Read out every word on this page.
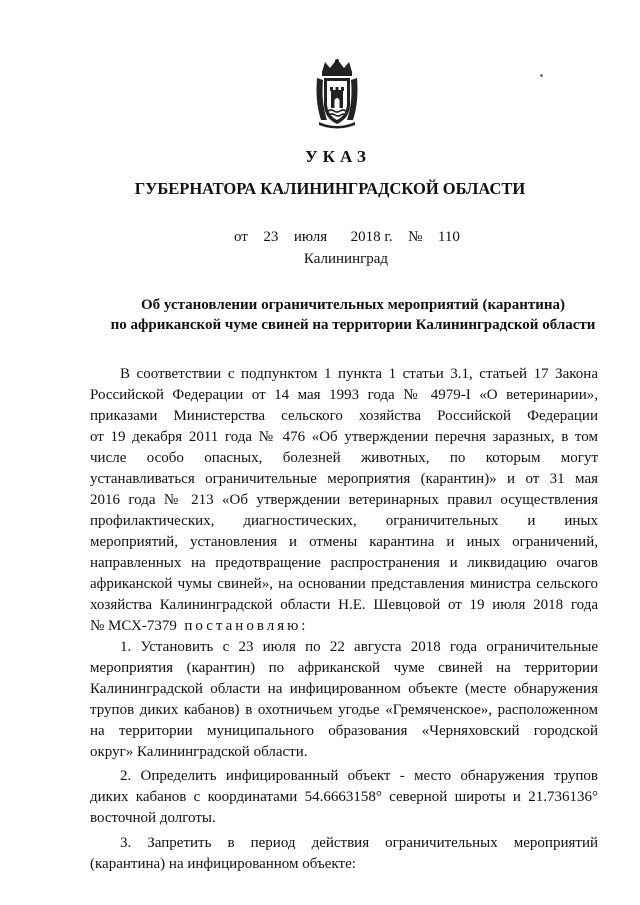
УКАЗ
ГУБЕРНАТОРА КАЛИНИНГРАДСКОЙ ОБЛАСТИ
от 23 июля 2018 г. № 110
Калининград
Об установлении ограничительных мероприятий (карантина)
по африканской чуме свиней на территории Калининградской области
В соответствии с подпунктом 1 пункта 1 статьи 3.1, статьей 17 Закона
Российской Федерации от 14 мая 1993 года № 4979-I «О ветеринарии»,
приказами Министерства сельского хозяйства Российской Федерации
от 19 декабря 2011 года № 476 «Об утверждении перечня заразных, в том
числе особо опасных, болезней животных, по которым могут
устанавливаться ограничительные мероприятия (карантин)» и от 31 мая
2016 года № 213 «Об утверждении ветеринарных правил осуществления
профилактических, диагностических, ограничительных и иных
мероприятий, установления и отмены карантина и иных ограничений,
направленных на предотвращение распространения и ликвидацию очагов
африканской чумы свиней», на основании представления министра сельского
хозяйства Калининградской области Н.Е. Шевцовой от 19 июля 2018 года
№ МСХ-7379 постановляю:
1. Установить с 23 июля по 22 августа 2018 года ограничительные
мероприятия (карантин) по африканской чуме свиней на территории
Калининградской области на инфицированном объекте (месте обнаружения
трупов диких кабанов) в охотничьем угодье «Гремяченское», расположенном
на территории муниципального образования «Черняховский городской
округ» Калининградской области.
2. Определить инфицированный объект - место обнаружения трупов
диких кабанов с координатами 54.6663158° северной широты и 21.736136°
восточной долготы.
3. Запретить в период действия ограничительных мероприятий
(карантина) на инфицированном объекте:
